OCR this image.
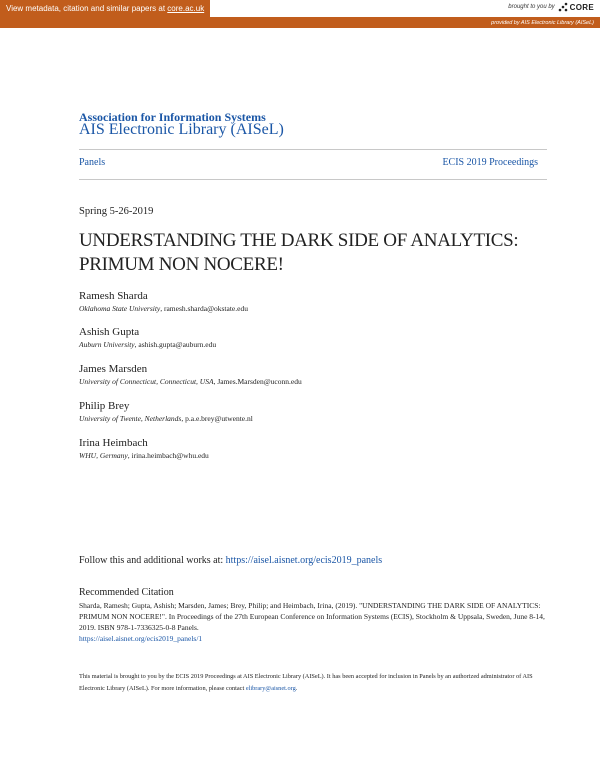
View metadata, citation and similar papers at core.ac.uk	brought to you by CORE
provided by AIS Electronic Library (AISeL)
Association for Information Systems
AIS Electronic Library (AISeL)
Panels	ECIS 2019 Proceedings
Spring 5-26-2019
UNDERSTANDING THE DARK SIDE OF ANALYTICS: PRIMUM NON NOCERE!
Ramesh Sharda
Oklahoma State University, ramesh.sharda@okstate.edu
Ashish Gupta
Auburn University, ashish.gupta@auburn.edu
James Marsden
University of Connecticut, Connecticut, USA, James.Marsden@uconn.edu
Philip Brey
University of Twente, Netherlands, p.a.e.brey@utwente.nl
Irina Heimbach
WHU, Germany, irina.heimbach@whu.edu
Follow this and additional works at: https://aisel.aisnet.org/ecis2019_panels
Recommended Citation
Sharda, Ramesh; Gupta, Ashish; Marsden, James; Brey, Philip; and Heimbach, Irina, (2019). "UNDERSTANDING THE DARK SIDE OF ANALYTICS: PRIMUM NON NOCERE!". In Proceedings of the 27th European Conference on Information Systems (ECIS), Stockholm & Uppsala, Sweden, June 8-14, 2019. ISBN 978-1-7336325-0-8 Panels.
https://aisel.aisnet.org/ecis2019_panels/1
This material is brought to you by the ECIS 2019 Proceedings at AIS Electronic Library (AISeL). It has been accepted for inclusion in Panels by an authorized administrator of AIS Electronic Library (AISeL). For more information, please contact elibrary@aisnet.org.
